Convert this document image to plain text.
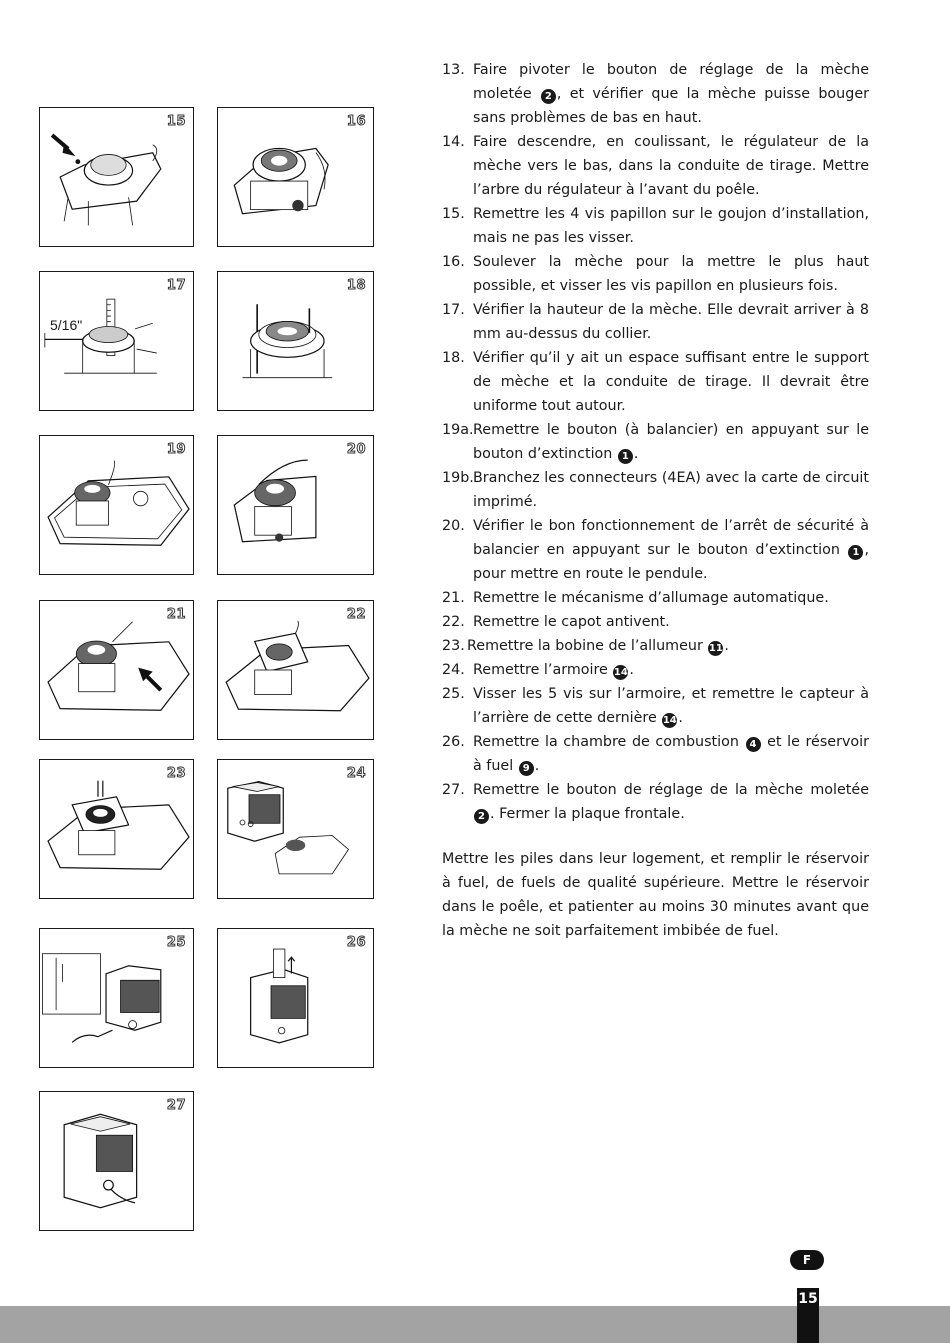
15	16
17
5/16"
18
19	20
21	22
23	24
25	26
27
13. Faire pivoter le bouton de réglage de la mèche moletée 2 , et vérifier que la mèche puisse bouger sans problèmes de bas en haut.
14. Faire descendre, en coulissant, le régulateur de la mèche vers le bas, dans la conduite de tirage. Mettre l’arbre du régulateur à l’avant du poêle.
15. Remettre les 4 vis papillon sur le goujon d’installation, mais ne pas les visser.
16. Soulever la mèche pour la mettre le plus haut possible, et visser les vis papillon en plusieurs fois.
17. Vérifier la hauteur de la mèche. Elle devrait arriver à 8 mm au-dessus du collier.
18. Vérifier qu’il y ait un espace suffisant entre le support de mèche et la conduite de tirage. Il devrait être uniforme tout autour.
19a. Remettre le bouton (à balancier) en appuyant sur le bouton d’extinction 1 .
19b. Branchez les connecteurs (4EA) avec la carte de circuit imprimé.
20. Vérifier le bon fonctionnement de l’arrêt de sécurité à balancier en appuyant sur le bouton d’extinction 1 , pour mettre en route le pendule.
21. Remettre le mécanisme d’allumage automatique.
22. Remettre le capot antivent.
23. Remettre la bobine de l’allumeur 11 .
24. Remettre l’armoire 14 .
25. Visser les 5 vis sur l’armoire, et remettre le capteur à l’arrière de cette dernière 14 .
26. Remettre la chambre de combustion 4 et le réservoir à fuel 9 .
27. Remettre le bouton de réglage de la mèche moletée 2 . Fermer la plaque frontale.

Mettre les piles dans leur logement, et remplir le réservoir à fuel, de fuels de qualité supérieure. Mettre le réservoir dans le poêle, et patienter au moins 30 minutes avant que la mèche ne soit parfaitement imbibée de fuel.

F
15
